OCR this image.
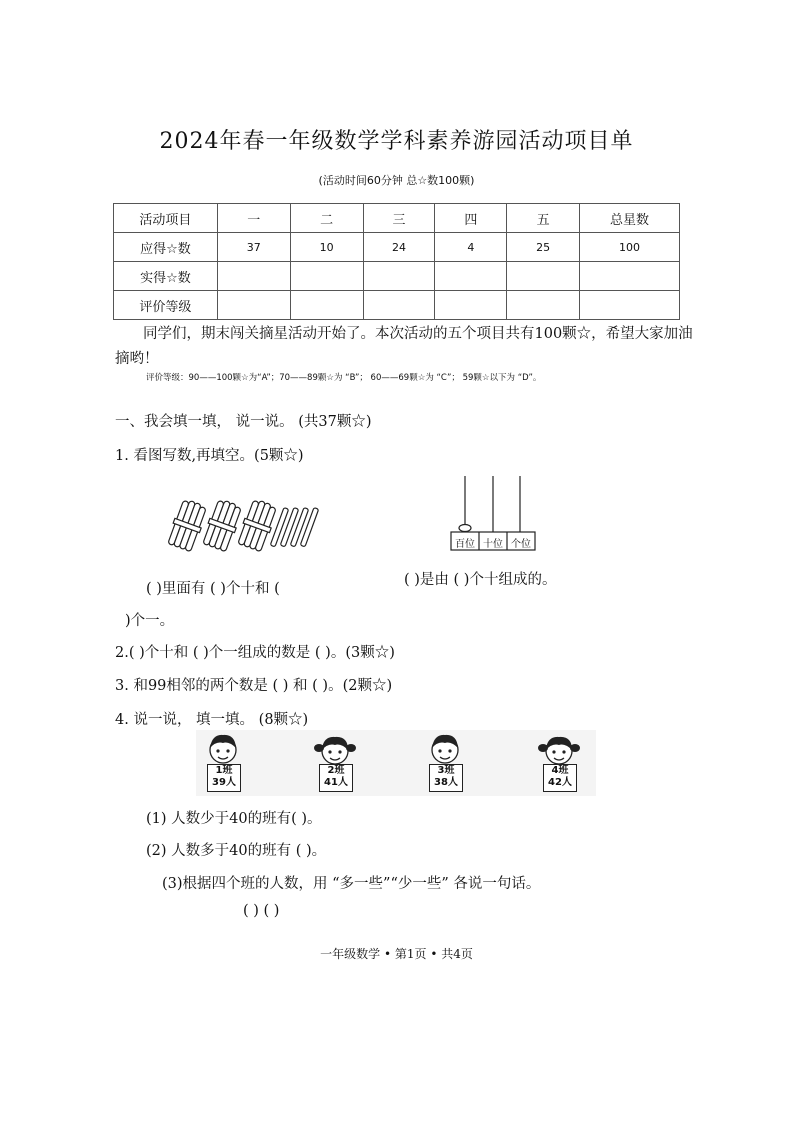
2024年春一年级数学学科素养游园活动项目单
(活动时间60分钟 总☆数100颗)
活动项目	一	二	三	四	五	总星数
应得☆数	37	10	24	4	25	100
实得☆数						
评价等级						
同学们，期末闯关摘星活动开始了。本次活动的五个项目共有100颗☆，希望大家加油摘哟！
评价等级：90——100颗☆为“A”；70——89颗☆为 “B”； 60——69颗☆为 “C”； 59颗☆以下为 “D”。
一、我会填一填， 说一说。 (共37颗☆)
1. 看图写数,再填空。(5颗☆)
百位 十位 个位
( )里面有 ( )个十和 (
( )是由 ( )个十组成的。
)个一。
2.( )个十和 ( )个一组成的数是 ( )。(3颗☆)
3. 和99相邻的两个数是 ( ) 和 ( )。(2颗☆)
4. 说一说， 填一填。 (8颗☆)
1班
39人
2班
41人
3班
38人
4班
42人
(1) 人数少于40的班有( )。
(2) 人数多于40的班有 ( )。
(3)根据四个班的人数，用 “多一些”“少一些” 各说一句话。
( ) ( )
一年级数学 • 第1页 • 共4页
